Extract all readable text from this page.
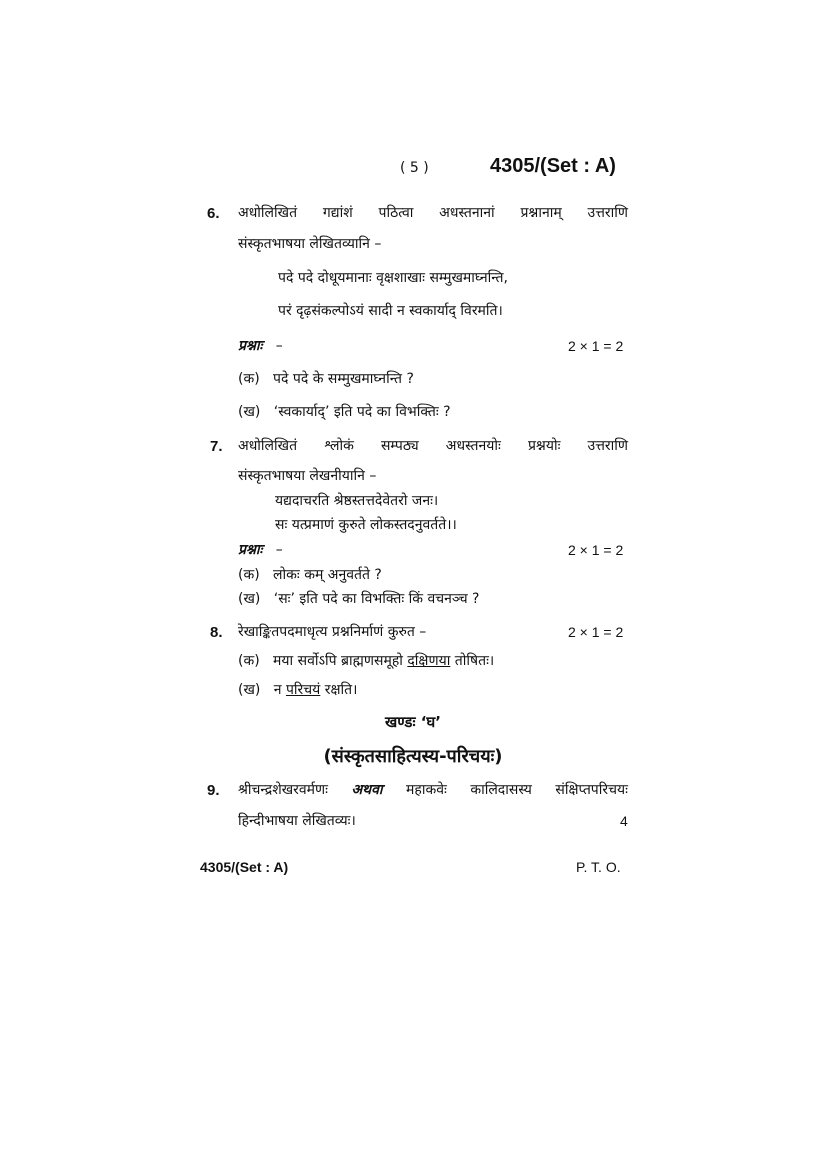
( 5 )	4305/(Set : A)
6. अधोलिखितं गद्यांशं पठित्वा अधस्तनानां प्रश्नानाम् उत्तराणि
संस्कृतभाषया लेखितव्यानि –
पदे पदे दोधूयमानाः वृक्षशाखाः सम्मुखमाघ्नन्ति,
परं दृढ़संकल्पोऽयं सादी न स्वकार्याद् विरमति।
प्रश्नाः –	2 × 1 = 2
(क) पदे पदे के सम्मुखमाघ्नन्ति ?
(ख) ‘स्वकार्याद्’ इति पदे का विभक्तिः ?
7. अधोलिखितं श्लोकं सम्पठ्य अधस्तनयोः प्रश्नयोः उत्तराणि
संस्कृतभाषया लेखनीयानि –
यद्यदाचरति श्रेष्ठस्तत्तदेवेतरो जनः।
सः यत्प्रमाणं कुरुते लोकस्तदनुवर्तते।।
प्रश्नाः –	2 × 1 = 2
(क) लोकः कम् अनुवर्तते ?
(ख) ‘सः’ इति पदे का विभक्तिः किं वचनञ्च ?
8. रेखाङ्कितपदमाधृत्य प्रश्ननिर्माणं कुरुत –	2 × 1 = 2
(क) मया सर्वोऽपि ब्राह्मणसमूहो दक्षिणया तोषितः।
(ख) न परिचयं रक्षति।
खण्डः ‘घ’
(संस्कृतसाहित्यस्य-परिचयः)
9. श्रीचन्द्रशेखरवर्मणः अथवा महाकवेः कालिदासस्य संक्षिप्तपरिचयः
हिन्दीभाषया लेखितव्यः।	4
4305/(Set : A)	P. T. O.
